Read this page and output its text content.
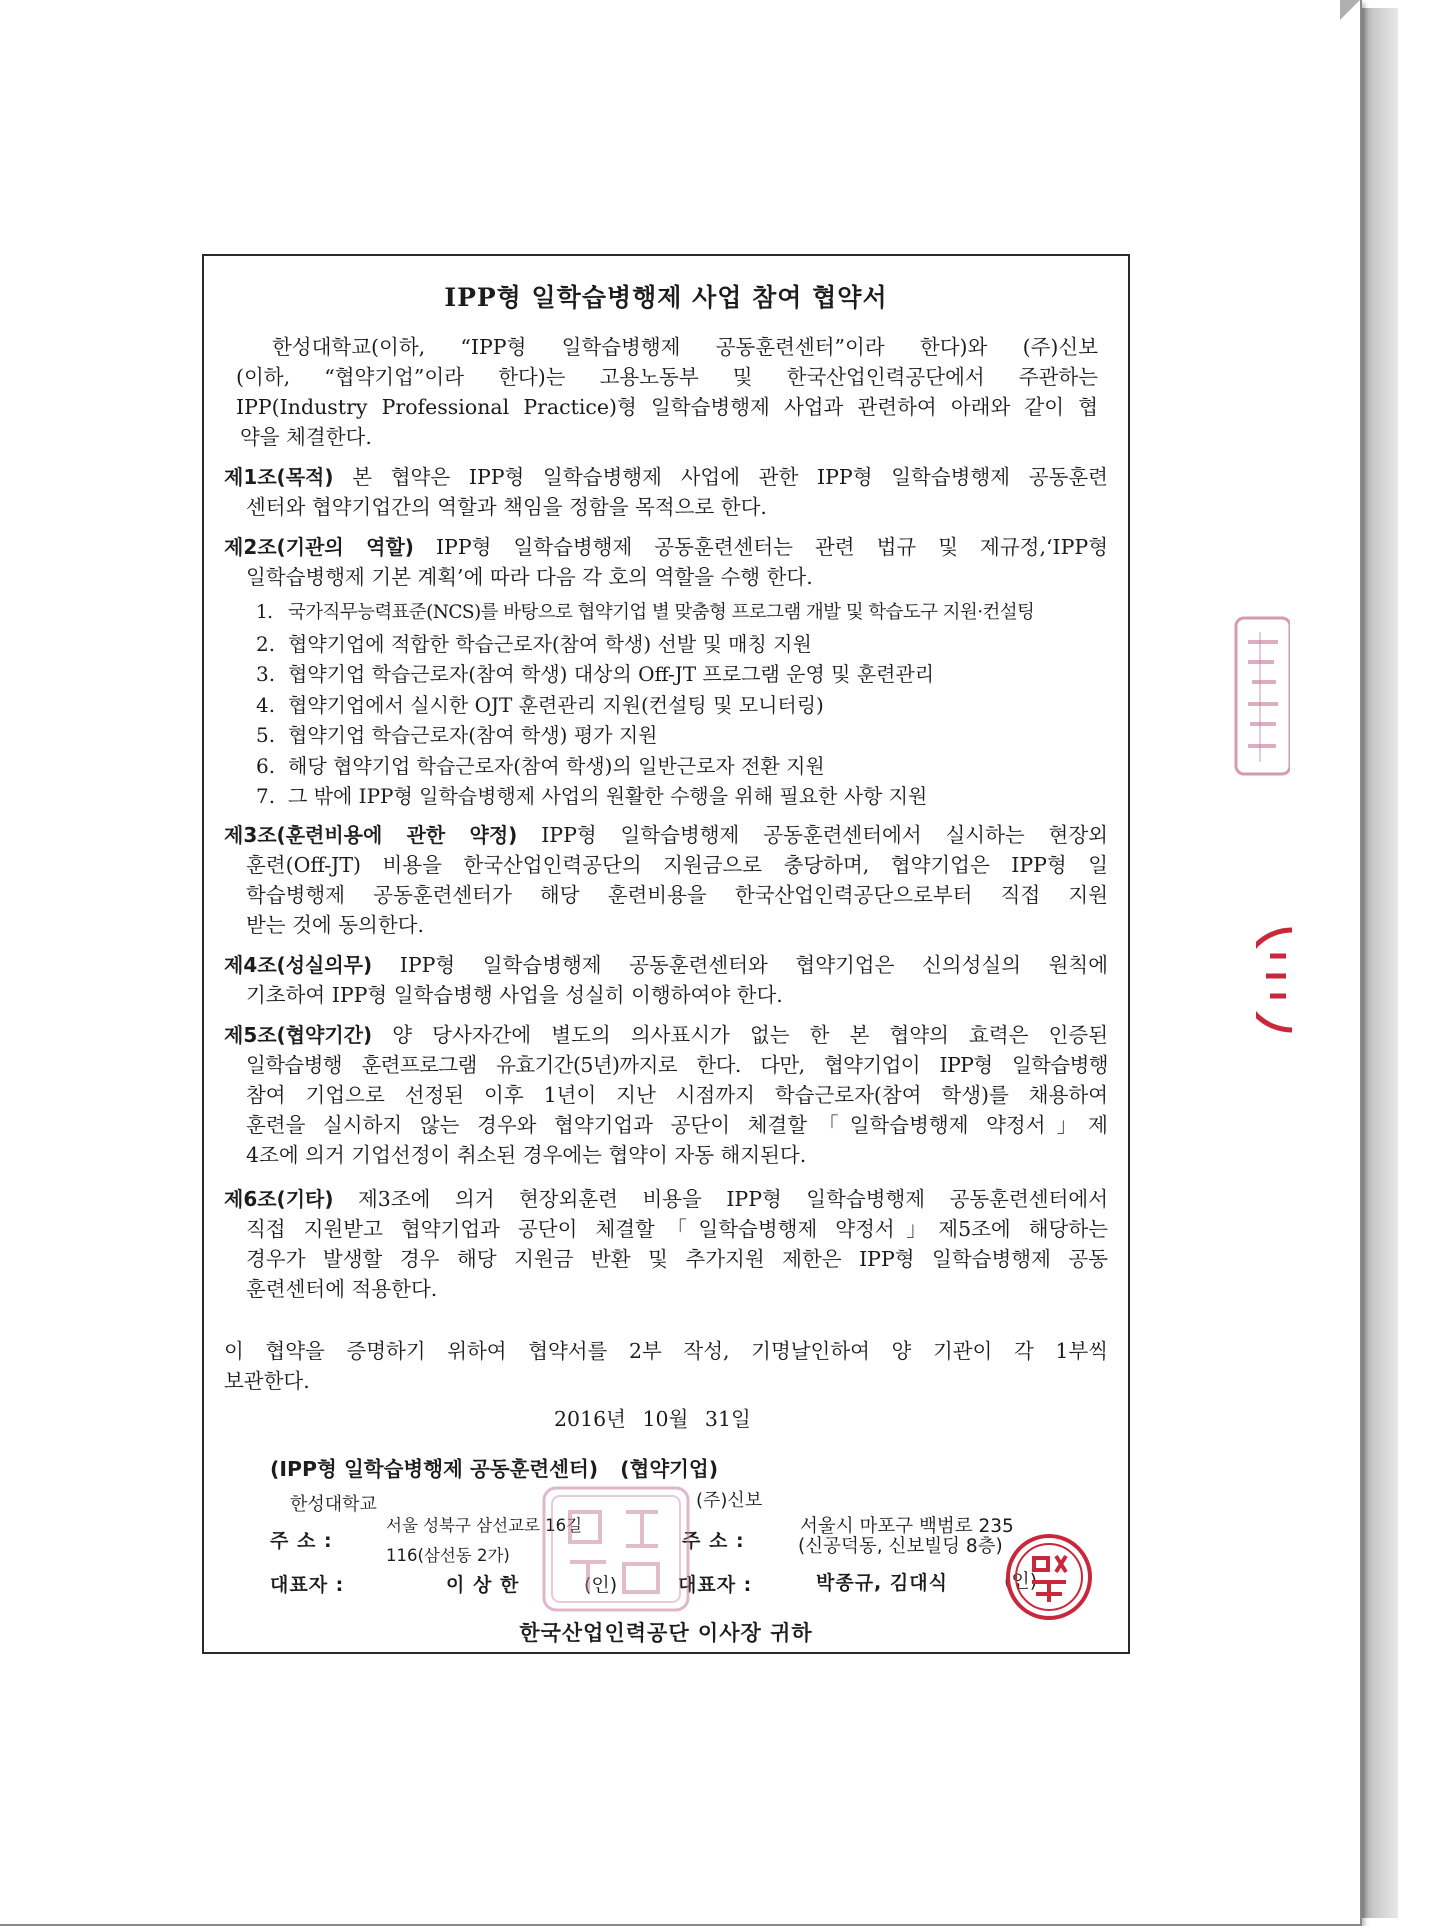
IPP형 일학습병행제 사업 참여 협약서
한성대학교(이하, “IPP형 일학습병행제 공동훈련센터”이라 한다)와 (주)신보
(이하, “협약기업”이라 한다)는 고용노동부 및 한국산업인력공단에서 주관하는
IPP(Industry Professional Practice)형 일학습병행제 사업과 관련하여 아래와 같이 협
약을 체결한다.
제1조(목적) 본 협약은 IPP형 일학습병행제 사업에 관한 IPP형 일학습병행제 공동훈련
센터와 협약기업간의 역할과 책임을 정함을 목적으로 한다.
제2조(기관의 역할) IPP형 일학습병행제 공동훈련센터는 관련 법규 및 제규정,‘IPP형
일학습병행제 기본 계획’에 따라 다음 각 호의 역할을 수행 한다.
1. 국가직무능력표준(NCS)를 바탕으로 협약기업 별 맞춤형 프로그램 개발 및 학습도구 지원·컨설팅
2. 협약기업에 적합한 학습근로자(참여 학생) 선발 및 매칭 지원
3. 협약기업 학습근로자(참여 학생) 대상의 Off-JT 프로그램 운영 및 훈련관리
4. 협약기업에서 실시한 OJT 훈련관리 지원(컨설팅 및 모니터링)
5. 협약기업 학습근로자(참여 학생) 평가 지원
6. 해당 협약기업 학습근로자(참여 학생)의 일반근로자 전환 지원
7. 그 밖에 IPP형 일학습병행제 사업의 원활한 수행을 위해 필요한 사항 지원
제3조(훈련비용에 관한 약정) IPP형 일학습병행제 공동훈련센터에서 실시하는 현장외
훈련(Off-JT) 비용을 한국산업인력공단의 지원금으로 충당하며, 협약기업은 IPP형 일
학습병행제 공동훈련센터가 해당 훈련비용을 한국산업인력공단으로부터 직접 지원
받는 것에 동의한다.
제4조(성실의무) IPP형 일학습병행제 공동훈련센터와 협약기업은 신의성실의 원칙에
기초하여 IPP형 일학습병행 사업을 성실히 이행하여야 한다.
제5조(협약기간) 양 당사자간에 별도의 의사표시가 없는 한 본 협약의 효력은 인증된
일학습병행 훈련프로그램 유효기간(5년)까지로 한다. 다만, 협약기업이 IPP형 일학습병행
참여 기업으로 선정된 이후 1년이 지난 시점까지 학습근로자(참여 학생)를 채용하여
훈련을 실시하지 않는 경우와 협약기업과 공단이 체결할「일학습병행제 약정서」제
4조에 의거 기업선정이 취소된 경우에는 협약이 자동 해지된다.
제6조(기타) 제3조에 의거 현장외훈련 비용을 IPP형 일학습병행제 공동훈련센터에서
직접 지원받고 협약기업과 공단이 체결할「일학습병행제 약정서」제5조에 해당하는
경우가 발생할 경우 해당 지원금 반환 및 추가지원 제한은 IPP형 일학습병행제 공동
훈련센터에 적용한다.
이 협약을 증명하기 위하여 협약서를 2부 작성, 기명날인하여 양 기관이 각 1부씩
보관한다.
2016년 10월 31일
(IPP형 일학습병행제 공동훈련센터) (협약기업)
한성대학교	(주)신보
주 소 :
서울 성북구 삼선교로 16길
116(삼선동 2가)
주 소 :
서울시 마포구 백범로 235
(신공덕동, 신보빌딩 8층)
대표자 :	이 상 한	(인)	대표자 :	박종규, 김대식	(인)
한국산업인력공단 이사장 귀하
